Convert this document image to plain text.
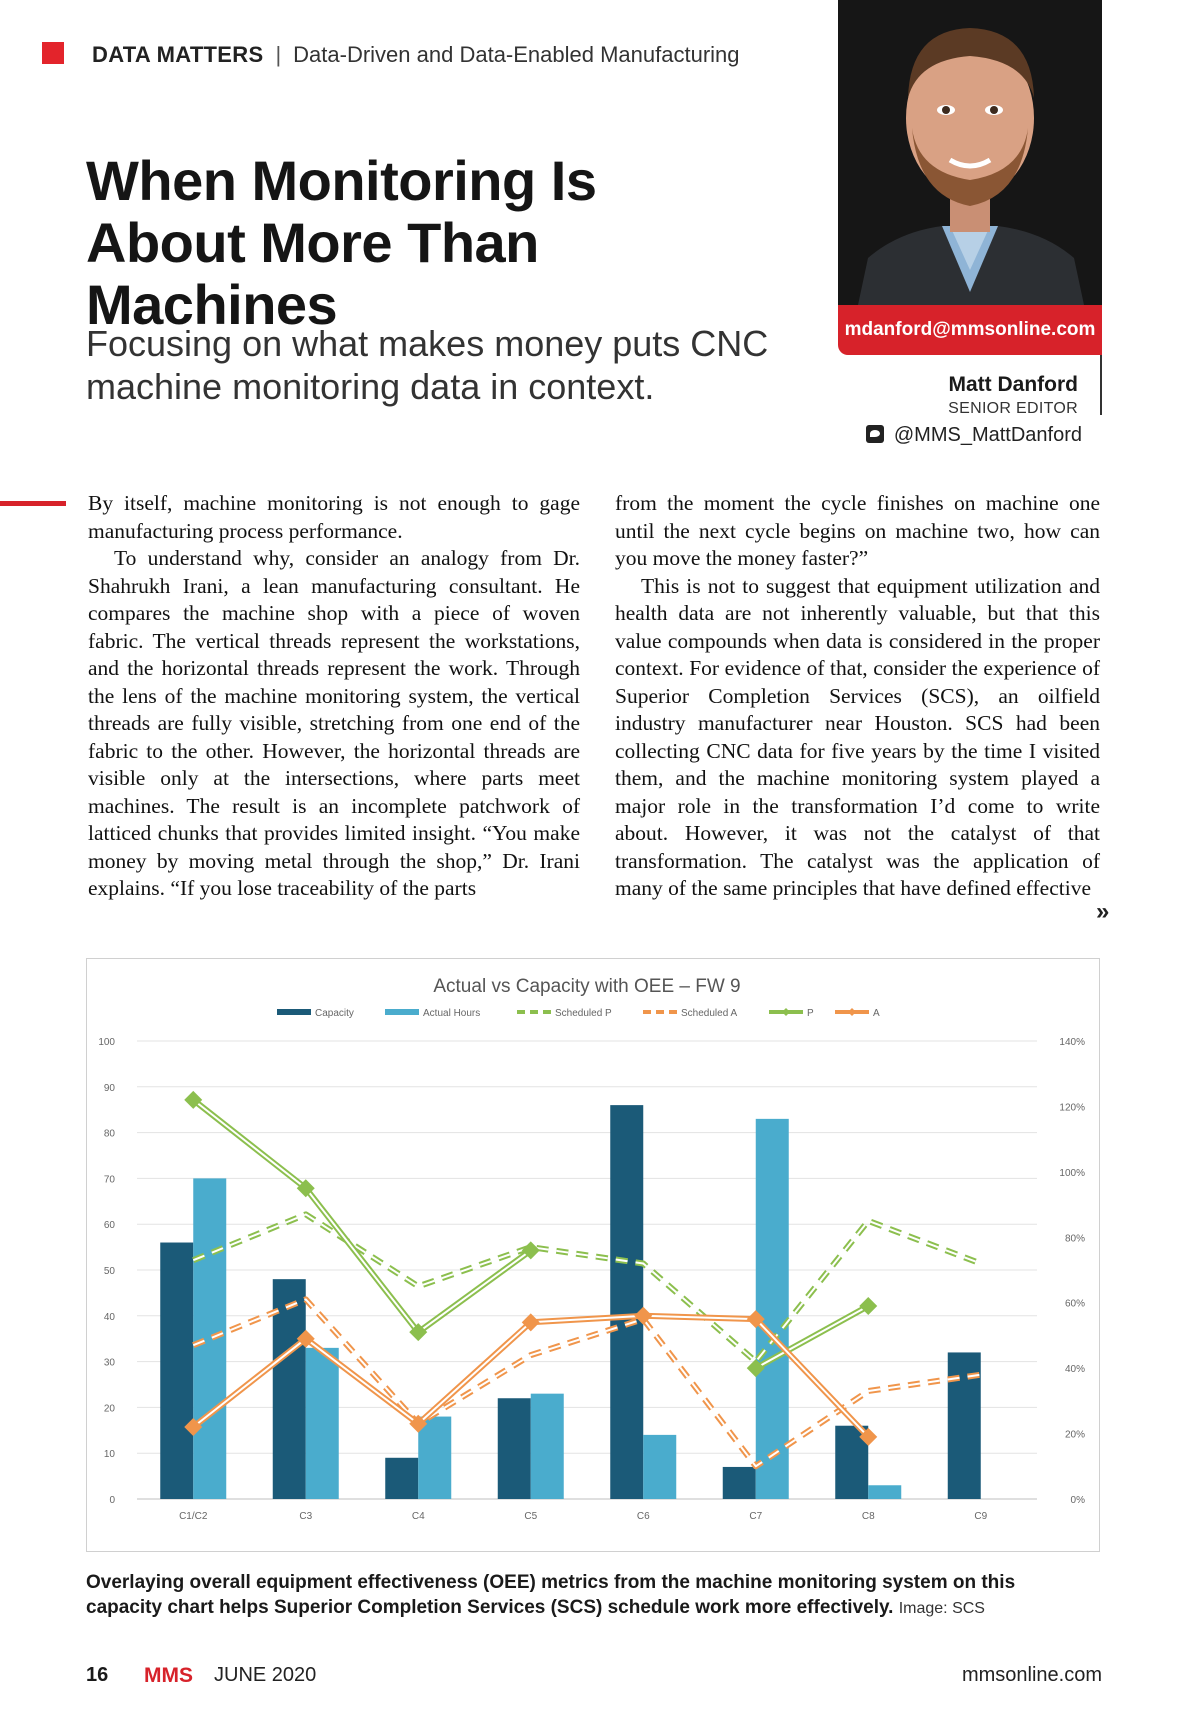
DATA MATTERS | Data-Driven and Data-Enabled Manufacturing
When Monitoring Is About More Than Machines
Focusing on what makes money puts CNC machine monitoring data in context.
mdanford@mmsonline.com
Matt Danford
SENIOR EDITOR
@MMS_MattDanford

By itself, machine monitoring is not enough to gage manufacturing process performance.

To understand why, consider an analogy from Dr. Shahrukh Irani, a lean manufacturing consultant. He compares the machine shop with a piece of woven fabric. The vertical threads represent the workstations, and the horizontal threads represent the work. Through the lens of the machine monitoring system, the vertical threads are fully visible, stretching from one end of the fabric to the other. However, the horizontal threads are visible only at the intersections, where parts meet machines. The result is an incomplete patchwork of latticed chunks that provides limited insight. “You make money by moving metal through the shop,” Dr. Irani explains. “If you lose traceability of the parts

from the moment the cycle finishes on machine one until the next cycle begins on machine two, how can you move the money faster?”

This is not to suggest that equipment utilization and health data are not inherently valuable, but that this value compounds when data is considered in the proper context. For evidence of that, consider the experience of Superior Completion Services (SCS), an oilfield industry manufacturer near Houston. SCS had been collecting CNC data for five years by the time I visited them, and the machine monitoring system played a major role in the transformation I’d come to write about. However, it was not the catalyst of that transformation. The catalyst was the application of many of the same principles that have defined effective

»
Actual vs Capacity with OEE – FW 9
0
10
20
30
40
50
60
70
80
90
100
0%
20%
40%
60%
80%
100%
120%
140%
C1/C2	C3	C4	C5	C6	C7	C8	C9
Capacity	Actual Hours	Scheduled P	Scheduled A	P	A
Overlaying overall equipment effectiveness (OEE) metrics from the machine monitoring system on this capacity chart helps Superior Completion Services (SCS) schedule work more effectively. Image: SCS
16 MMS JUNE 2020	mmsonline.com
